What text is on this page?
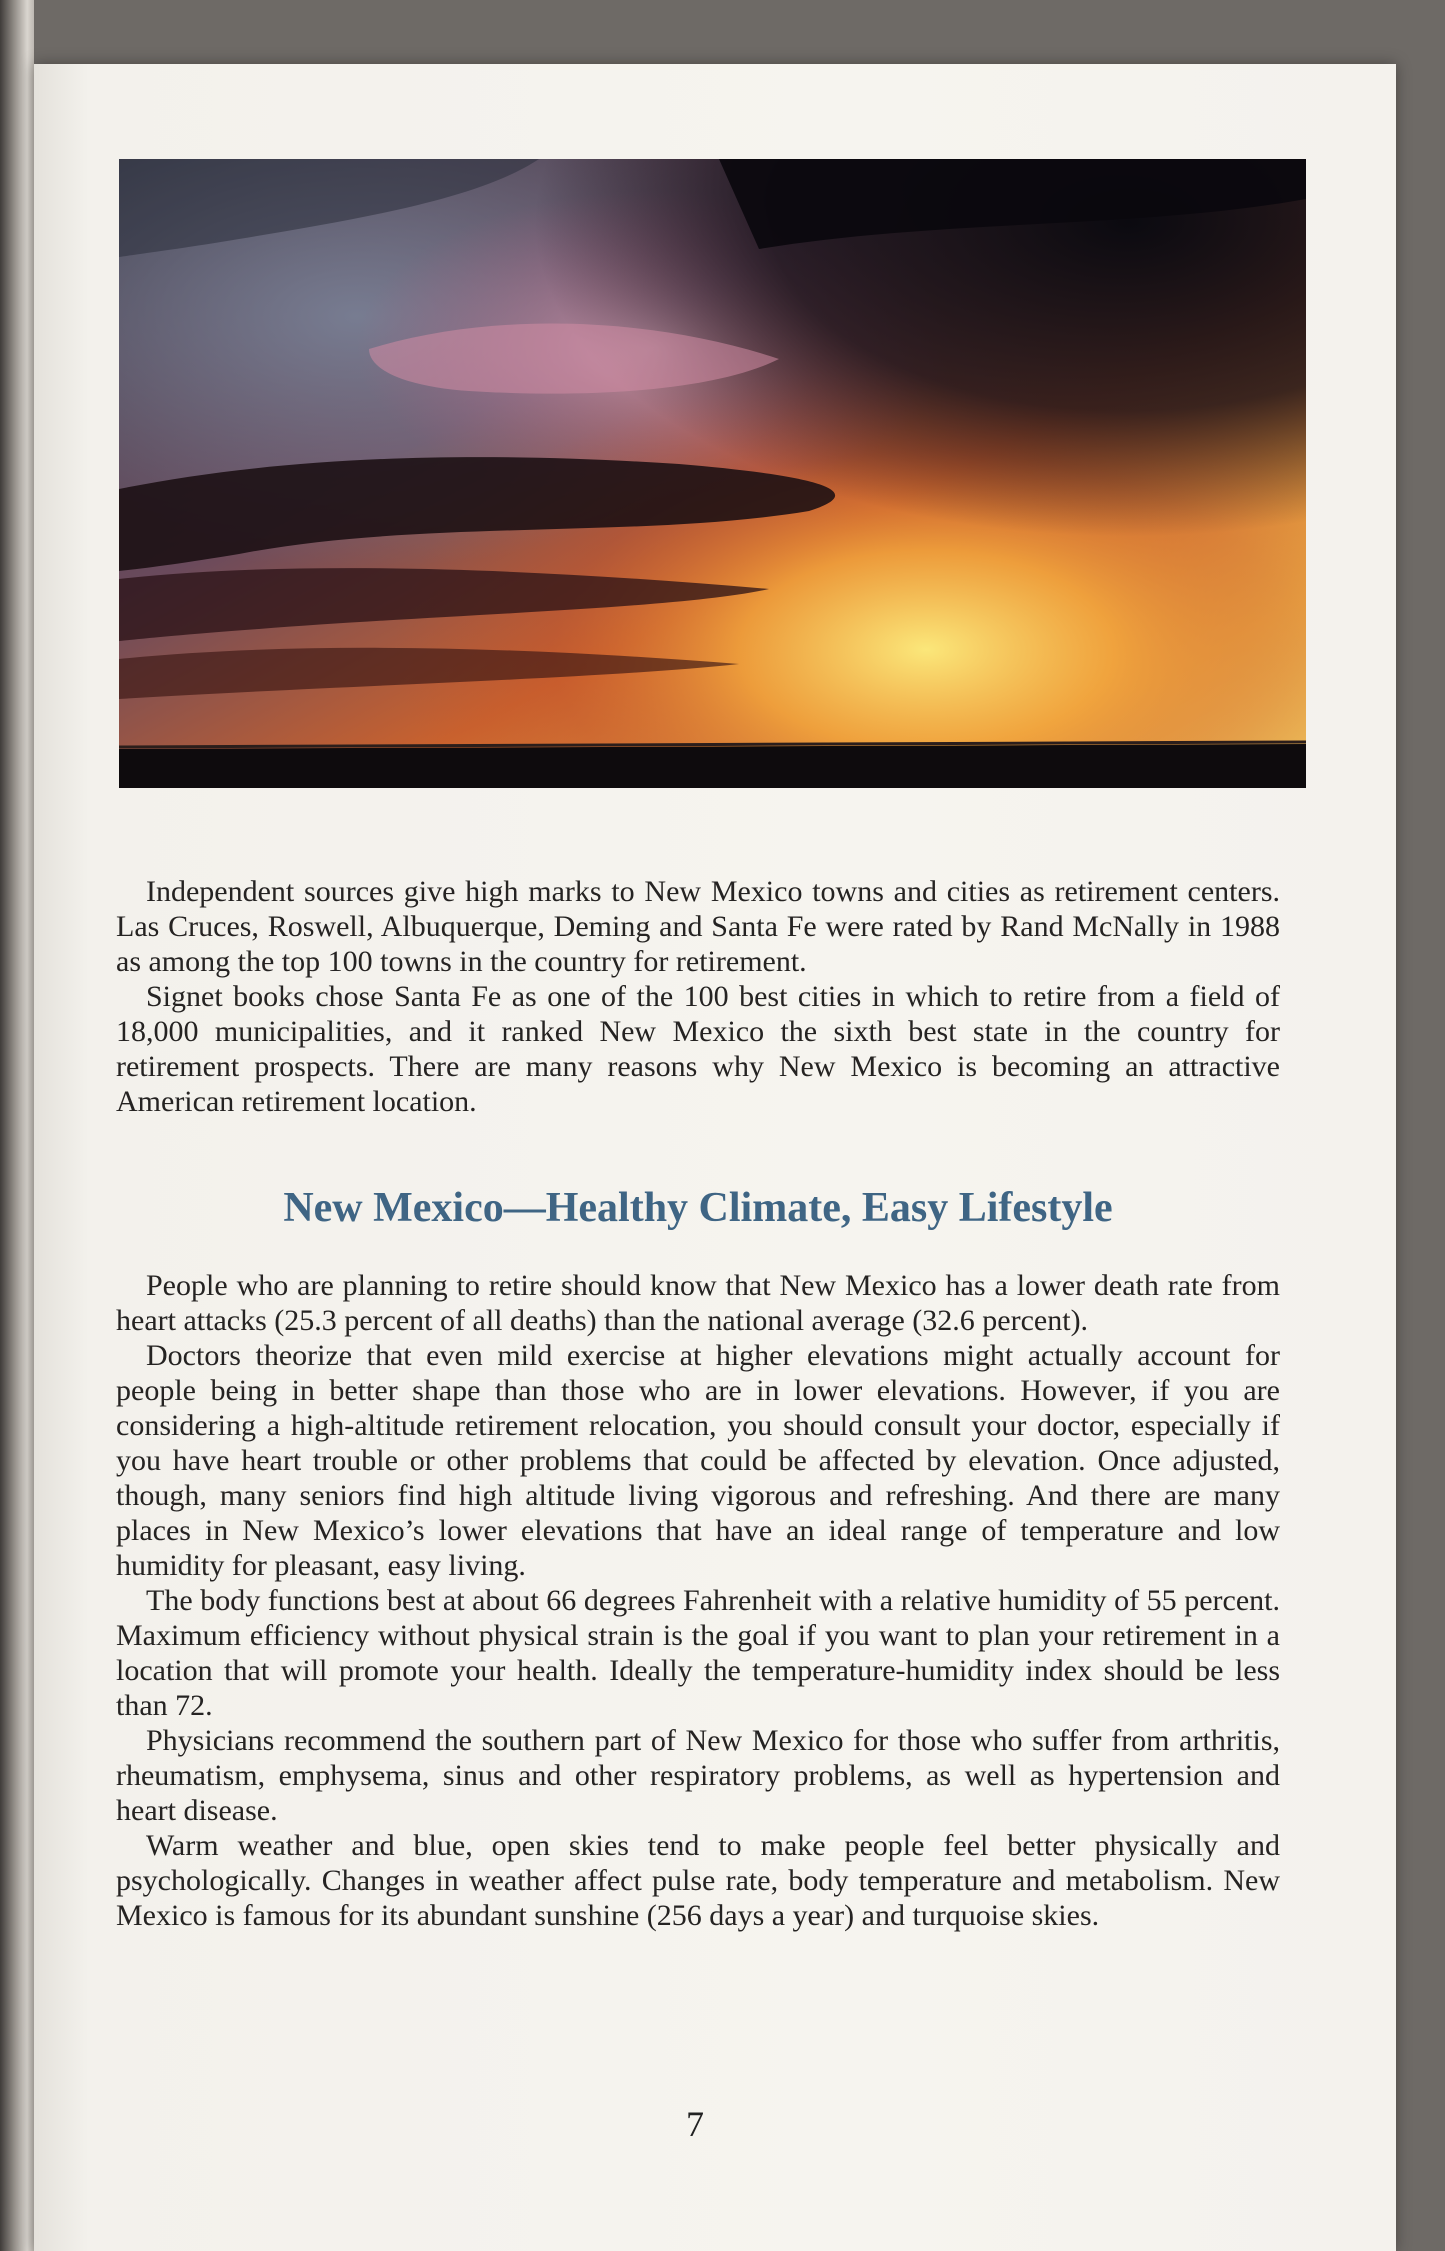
Independent sources give high marks to New Mexico towns and cities as retirement centers. Las Cruces, Roswell, Albuquerque, Deming and Santa Fe were rated by Rand McNally in 1988 as among the top 100 towns in the country for retirement.

Signet books chose Santa Fe as one of the 100 best cities in which to retire from a field of 18,000 municipalities, and it ranked New Mexico the sixth best state in the country for retirement prospects. There are many reasons why New Mexico is becoming an attractive American retirement location.

New Mexico—Healthy Climate, Easy Lifestyle

People who are planning to retire should know that New Mexico has a lower death rate from heart attacks (25.3 percent of all deaths) than the national average (32.6 percent).

Doctors theorize that even mild exercise at higher elevations might actually account for people being in better shape than those who are in lower elevations. However, if you are considering a high-altitude retirement relocation, you should consult your doctor, especially if you have heart trouble or other problems that could be affected by elevation. Once adjusted, though, many seniors find high altitude living vigorous and refreshing. And there are many places in New Mexico’s lower elevations that have an ideal range of temperature and low humidity for pleasant, easy living.

The body functions best at about 66 degrees Fahrenheit with a relative humidity of 55 percent. Maximum efficiency without physical strain is the goal if you want to plan your retirement in a location that will promote your health. Ideally the temperature-humidity index should be less than 72.

Physicians recommend the southern part of New Mexico for those who suffer from arthritis, rheumatism, emphysema, sinus and other respiratory problems, as well as hypertension and heart disease.

Warm weather and blue, open skies tend to make people feel better physically and psychologically. Changes in weather affect pulse rate, body temperature and metabolism. New Mexico is famous for its abundant sunshine (256 days a year) and turquoise skies.

7
